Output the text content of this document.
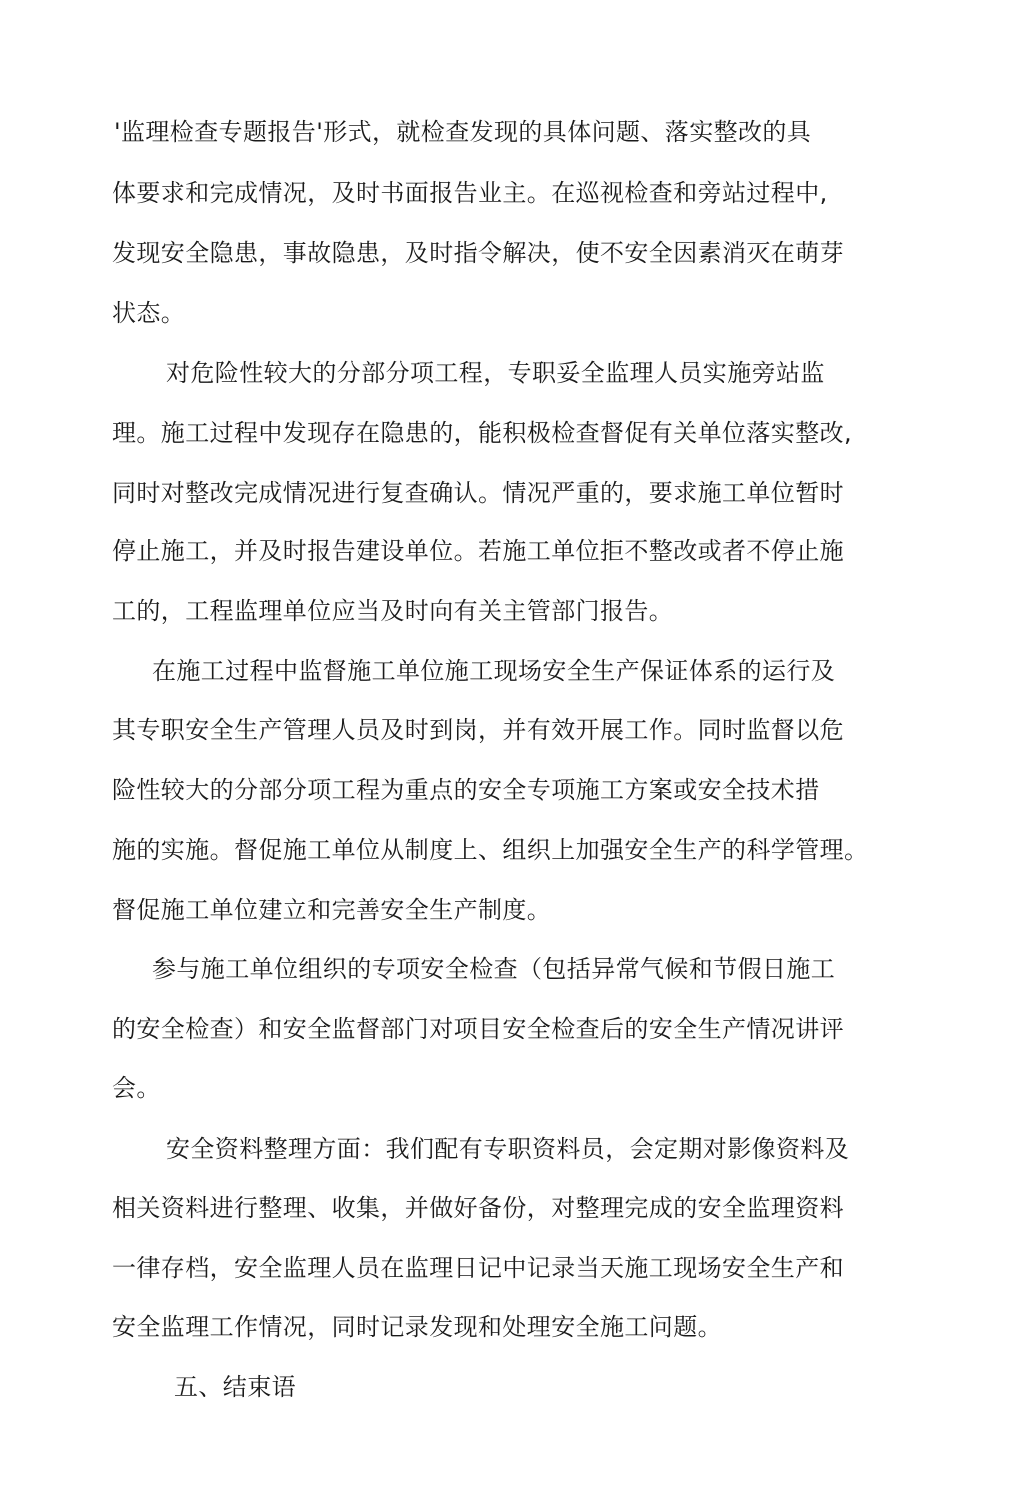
'监理检查专题报告'形式，就检查发现的具体问题、落实整改的具
体要求和完成情况，及时书面报告业主。在巡视检查和旁站过程中,
发现安全隐患，事故隐患，及时指令解决，使不安全因素消灭在萌芽
状态。
对危险性较大的分部分项工程，专职妥全监理人员实施旁站监
理。施工过程中发现存在隐患的，能积极检查督促有关单位落实整改,
同时对整改完成情况进行复查确认。情况严重的，要求施工单位暂时
停止施工，并及时报告建设单位。若施工单位拒不整改或者不停止施
工的，工程监理单位应当及时向有关主管部门报告。
在施工过程中监督施工单位施工现场安全生产保证体系的运行及
其专职安全生产管理人员及时到岗，并有效开展工作。同时监督以危
险性较大的分部分项工程为重点的安全专项施工方案或安全技术措
施的实施。督促施工单位从制度上、组织上加强安全生产的科学管理。
督促施工单位建立和完善安全生产制度。
参与施工单位组织的专项安全检查（包括异常气候和节假日施工
的安全检查）和安全监督部门对项目安全检查后的安全生产情况讲评
会。
安全资料整理方面：我们配有专职资料员，会定期对影像资料及
相关资料进行整理、收集，并做好备份，对整理完成的安全监理资料
一律存档，安全监理人员在监理日记中记录当天施工现场安全生产和
安全监理工作情况，同时记录发现和处理安全施工问题。
五、结束语
